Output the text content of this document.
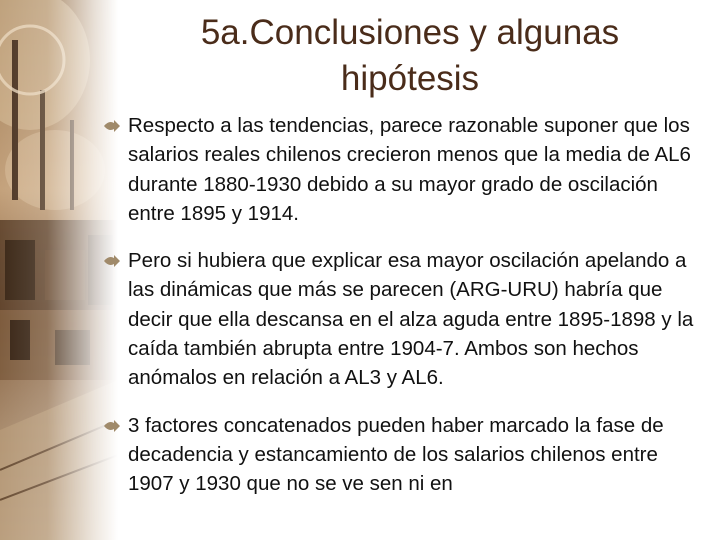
5a.Conclusiones y algunas hipótesis
Respecto a las tendencias, parece razonable suponer que los salarios reales chilenos crecieron menos que la media de AL6 durante 1880-1930 debido a su mayor grado de oscilación entre 1895 y 1914.
Pero si hubiera que explicar esa mayor oscilación apelando a las dinámicas que más se parecen (ARG-URU) habría que decir que ella descansa en el alza aguda entre 1895-1898 y la caída también abrupta entre 1904-7. Ambos son hechos anómalos en relación a AL3 y AL6.
3 factores concatenados pueden haber marcado la fase de decadencia y estancamiento de los salarios chilenos entre 1907 y 1930 que no se ve sen ni en
